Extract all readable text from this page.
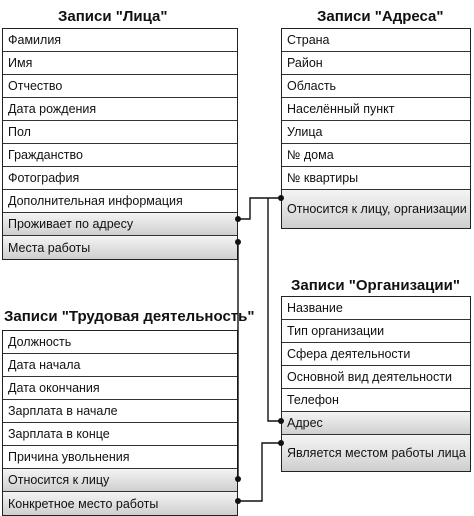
Записи "Лица"
Фамилия
Имя
Отчество
Дата рождения
Пол
Гражданство
Фотография
Дополнительная информация
Проживает по адресу
Места работы
Записи "Адреса"
Страна
Район
Область
Населённый пункт
Улица
№ дома
№ квартиры
Относится к лицу, организации
Записи "Трудовая деятельность"
Должность
Дата начала
Дата окончания
Зарплата в начале
Зарплата в конце
Причина увольнения
Относится к лицу
Конкретное место работы
Записи "Организации"
Название
Тип организации
Сфера деятельности
Основной вид деятельности
Телефон
Адрес
Является местом работы лица
